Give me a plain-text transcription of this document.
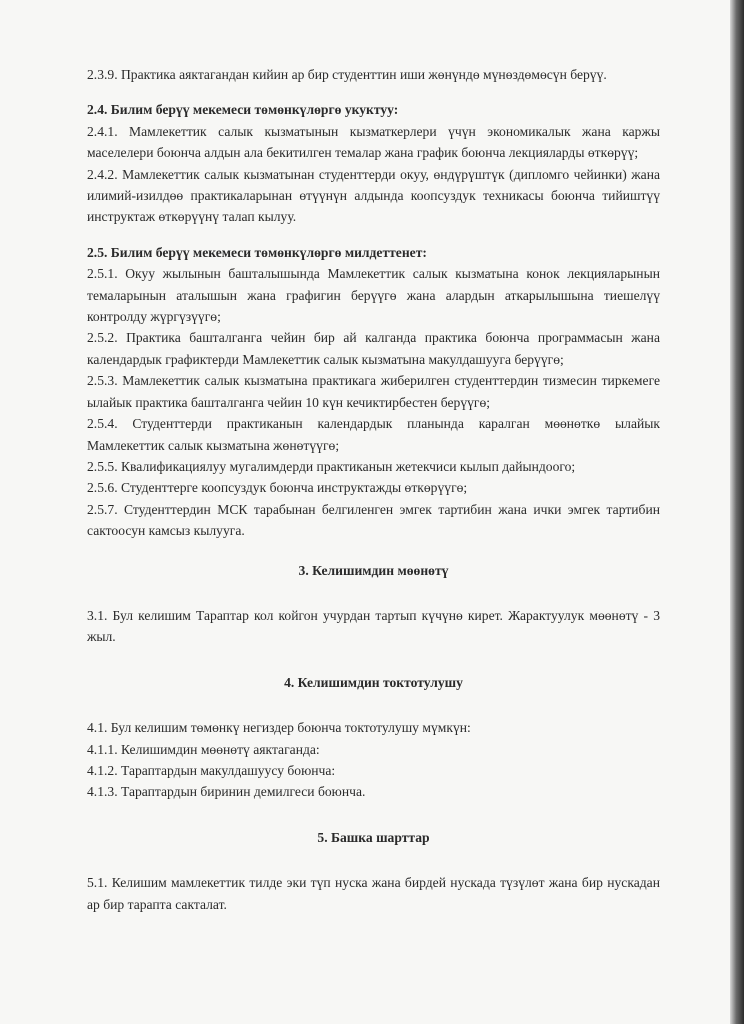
2.3.9. Практика аяктагандан кийин ар бир студенттин иши жөнүндө мүнөздөмөсүн берүү.

2.4. Билим берүү мекемеси төмөнкүлөргө укуктуу:

2.4.1. Мамлекеттик салык кызматынын кызматкерлери үчүн экономикалык жана каржы маселелери боюнча алдын ала бекитилген темалар жана график боюнча лекцияларды өткөрүү;

2.4.2. Мамлекеттик салык кызматынан студенттерди окуу, өндүрүштүк (дипломго чейинки) жана илимий-изилдөө практикаларынан өтүүнүн алдында коопсуздук техникасы боюнча тийиштүү инструктаж өткөрүүнү талап кылуу.

2.5. Билим берүү мекемеси төмөнкүлөргө милдеттенет:

2.5.1. Окуу жылынын башталышында Мамлекеттик салык кызматына конок лекцияларынын темаларынын аталышын жана графигин берүүгө жана алардын аткарылышына тиешелүү контролду жүргүзүүгө;

2.5.2. Практика башталганга чейин бир ай калганда практика боюнча программасын жана календардык графиктерди Мамлекеттик салык кызматына макулдашууга берүүгө;

2.5.3. Мамлекеттик салык кызматына практикага жиберилген студенттердин тизмесин тиркемеге ылайык практика башталганга чейин 10 күн кечиктирбестен берүүгө;

2.5.4. Студенттерди практиканын календардык планында каралган мөөнөткө ылайык Мамлекеттик салык кызматына жөнөтүүгө;

2.5.5. Квалификациялуу мугалимдерди практиканын жетекчиси кылып дайындоого;

2.5.6. Студенттерге коопсуздук боюнча инструктажды өткөрүүгө;

2.5.7. Студенттердин МСК тарабынан белгиленген эмгек тартибин жана ички эмгек тартибин сактоосун камсыз кылууга.

3. Келишимдин мөөнөтү

3.1. Бул келишим Тараптар кол койгон учурдан тартып күчүнө кирет. Жарактуулук мөөнөтү - 3 жыл.

4. Келишимдин токтотулушу

4.1. Бул келишим төмөнкү негиздер боюнча токтотулушу мүмкүн:

4.1.1. Келишимдин мөөнөтү аяктаганда:

4.1.2. Тараптардын макулдашуусу боюнча:

4.1.3. Тараптардын биринин демилгеси боюнча.

5. Башка шарттар

5.1. Келишим мамлекеттик тилде эки түп нуска жана бирдей нускада түзүлөт жана бир нускадан ар бир тарапта сакталат.
